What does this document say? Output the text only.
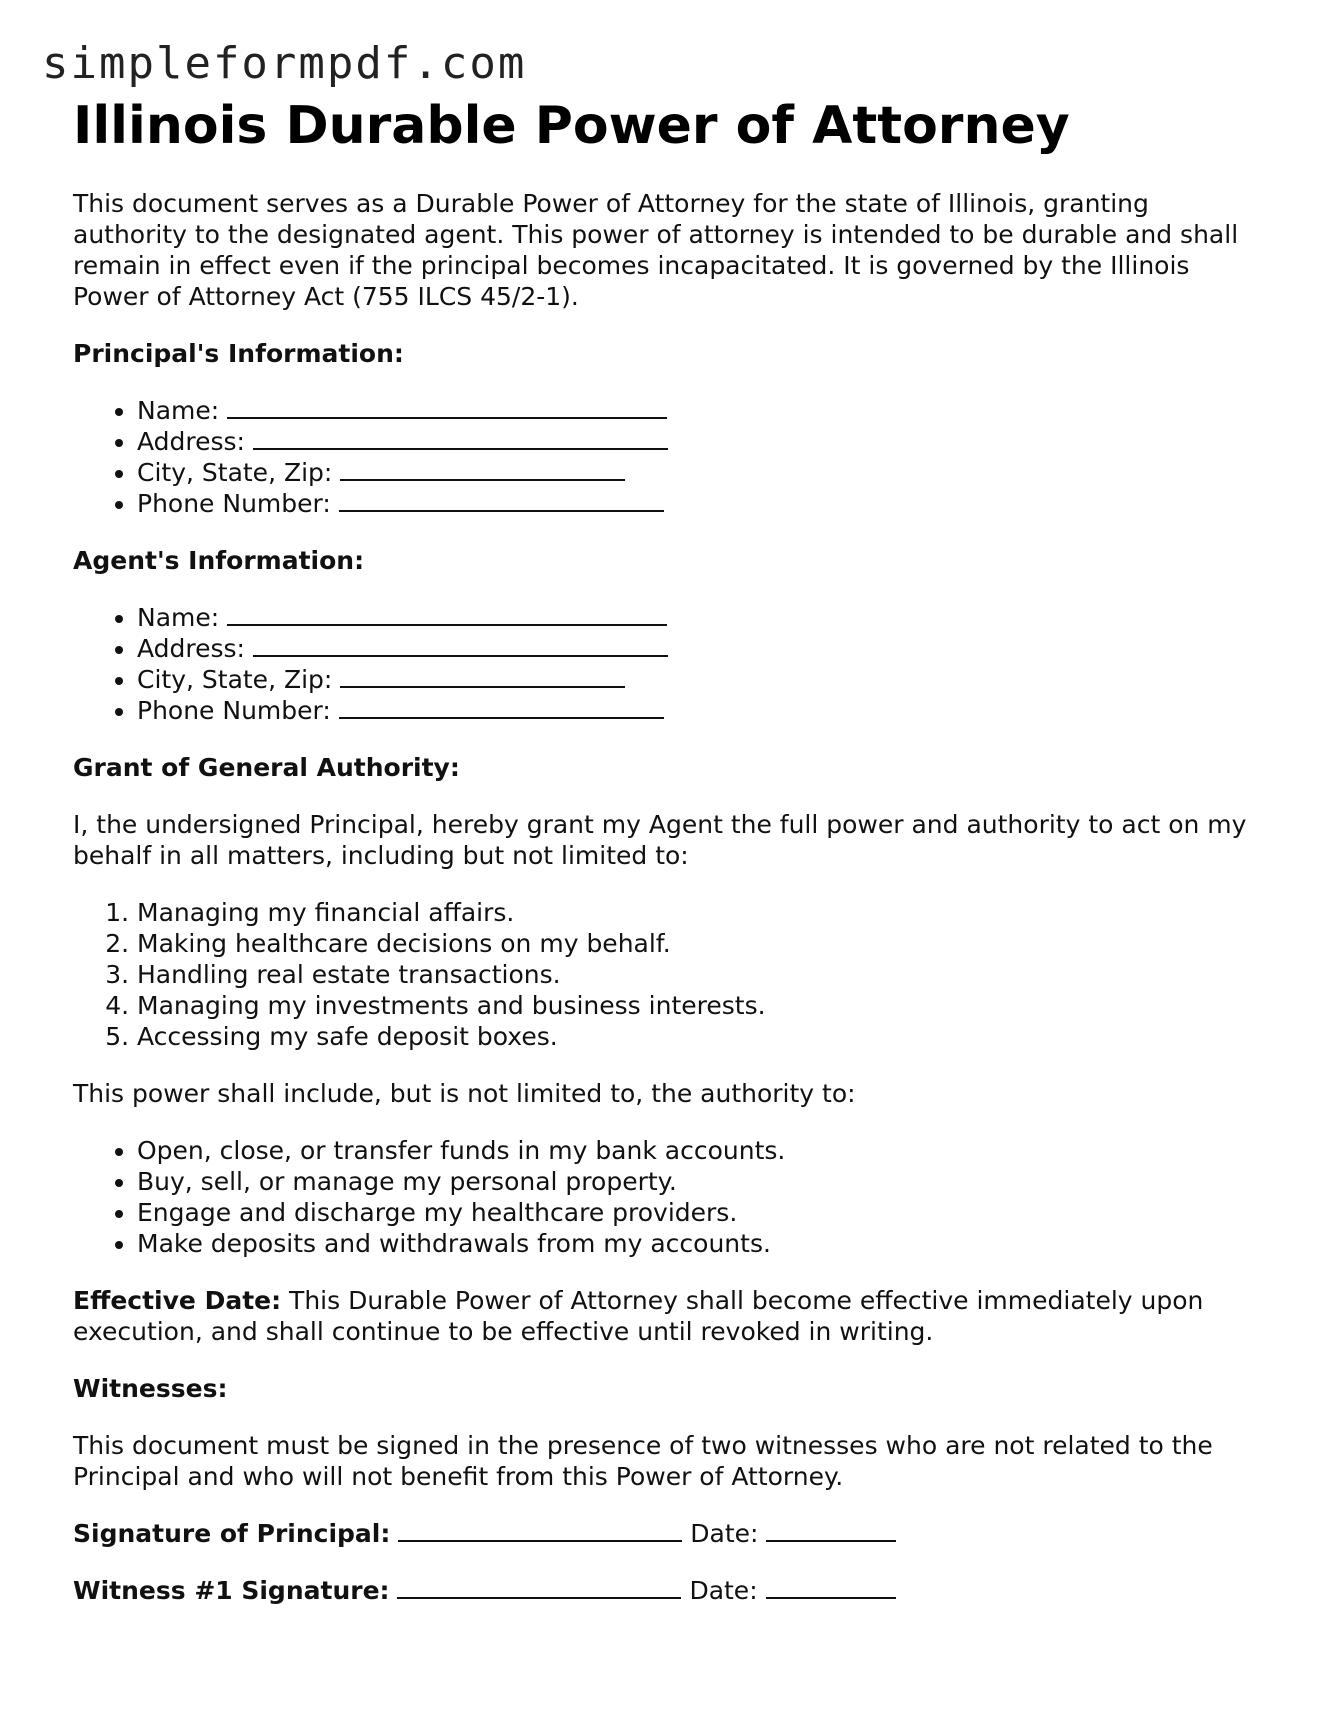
simpleformpdf.com
Illinois Durable Power of Attorney

This document serves as a Durable Power of Attorney for the state of Illinois, granting authority to the designated agent. This power of attorney is intended to be durable and shall remain in effect even if the principal becomes incapacitated. It is governed by the Illinois Power of Attorney Act (755 ILCS 45/2-1).

Principal's Information:
• Name:
• Address:
• City, State, Zip:
• Phone Number:
Agent's Information:
• Name:
• Address:
• City, State, Zip:
• Phone Number:
Grant of General Authority:

I, the undersigned Principal, hereby grant my Agent the full power and authority to act on my behalf in all matters, including but not limited to:

1. Managing my financial affairs.
2. Making healthcare decisions on my behalf.
3. Handling real estate transactions.
4. Managing my investments and business interests.
5. Accessing my safe deposit boxes.

This power shall include, but is not limited to, the authority to:

• Open, close, or transfer funds in my bank accounts.
• Buy, sell, or manage my personal property.
• Engage and discharge my healthcare providers.
• Make deposits and withdrawals from my accounts.

Effective Date: This Durable Power of Attorney shall become effective immediately upon execution, and shall continue to be effective until revoked in writing.

Witnesses:

This document must be signed in the presence of two witnesses who are not related to the Principal and who will not benefit from this Power of Attorney.

Signature of Principal:	Date:
Witness #1 Signature:	Date:
